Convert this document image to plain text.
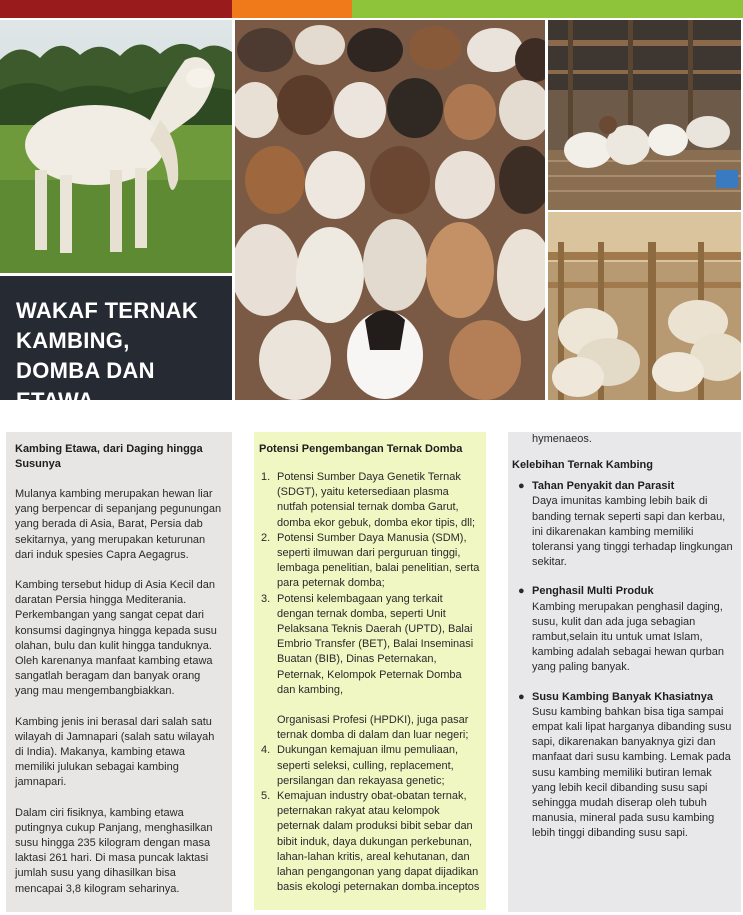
WAKAF TERNAK KAMBING, DOMBA DAN ETAWA
Kambing Etawa, dari Daging hingga Susunya

Mulanya kambing merupakan hewan liar yang berpencar di sepanjang pegunungan yang berada di Asia, Barat, Persia dab sekitarnya, yang merupakan keturunan dari induk spesies Capra Aegagrus.

Kambing tersebut hidup di Asia Kecil dan daratan Persia hingga Mediterania. Perkembangan yang sangat cepat dari konsumsi dagingnya hingga kepada susu olahan, bulu dan kulit hingga tanduknya. Oleh karenanya manfaat kambing etawa sangatlah beragam dan banyak orang yang mau mengembangbiakkan.

Kambing jenis ini berasal dari salah satu wilayah di Jamnapari (salah satu wilayah di India). Makanya, kambing etawa memiliki julukan sebagai kambing jamnapari.

Dalam ciri fisiknya, kambing etawa putingnya cukup Panjang, menghasilkan susu hingga 235 kilogram dengan masa laktasi 261 hari. Di masa puncak laktasi jumlah susu yang dihasilkan bisa mencapai 3,8 kilogram seharinya.

Potensi Pengembangan Ternak Domba
1. Potensi Sumber Daya Genetik Ternak (SDGT), yaitu ketersediaan plasma nutfah potensial ternak domba Garut, domba ekor gebuk, domba ekor tipis, dll;
2. Potensi Sumber Daya Manusia (SDM), seperti ilmuwan dari perguruan tinggi, lembaga penelitian, balai penelitian, serta para peternak domba;
3. Potensi kelembagaan yang terkait dengan ternak domba, seperti Unit Pelaksana Teknis Daerah (UPTD), Balai Embrio Transfer (BET), Balai Inseminasi Buatan (BIB), Dinas Peternakan, Peternak, Kelompok Peternak Domba dan kambing,
Organisasi Profesi (HPDKI), juga pasar ternak domba di dalam dan luar negeri;
4. Dukungan kemajuan ilmu pemuliaan, seperti seleksi, culling, replacement, persilangan dan rekayasa genetic;
5. Kemajuan industry obat-obatan ternak, peternakan rakyat atau kelompok peternak dalam produksi bibit sebar dan bibit induk, daya dukungan perkebunan, lahan-lahan kritis, areal kehutanan, dan lahan pengangonan yang dapat dijadikan basis ekologi peternakan domba.inceptos
hymenaeos.
Kelebihan Ternak Kambing
● Tahan Penyakit dan Parasit
Daya imunitas kambing lebih baik di banding ternak seperti sapi dan kerbau, ini dikarenakan kambing memiliki toleransi yang tinggi terhadap lingkungan sekitar.
● Penghasil Multi Produk
Kambing merupakan penghasil daging, susu, kulit dan ada juga sebagian rambut,selain itu untuk umat Islam, kambing adalah sebagai hewan qurban yang paling banyak.
● Susu Kambing Banyak Khasiatnya
Susu kambing bahkan bisa tiga sampai empat kali lipat harganya dibanding susu sapi, dikarenakan banyaknya gizi dan manfaat dari susu kambing. Lemak pada susu kambing memiliki butiran lemak yang lebih kecil dibanding susu sapi sehingga mudah diserap oleh tubuh manusia, mineral pada susu kambing lebih tinggi dibanding susu sapi.
